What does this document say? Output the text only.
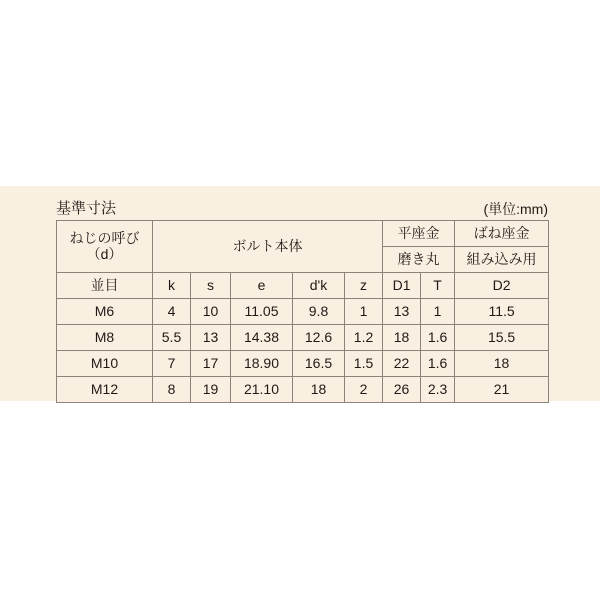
基準寸法	(単位:mm)
ねじの呼び
（d）	ボルト本体					平座金		ばね座金
						磨き丸		組み込み用
並目	k	s	e	d'k	z	D1	T	D2
M6	4	10	11.05	9.8	1	13	1	11.5
M8	5.5	13	14.38	12.6	1.2	18	1.6	15.5
M10	7	17	18.90	16.5	1.5	22	1.6	18
M12	8	19	21.10	18	2	26	2.3	21
